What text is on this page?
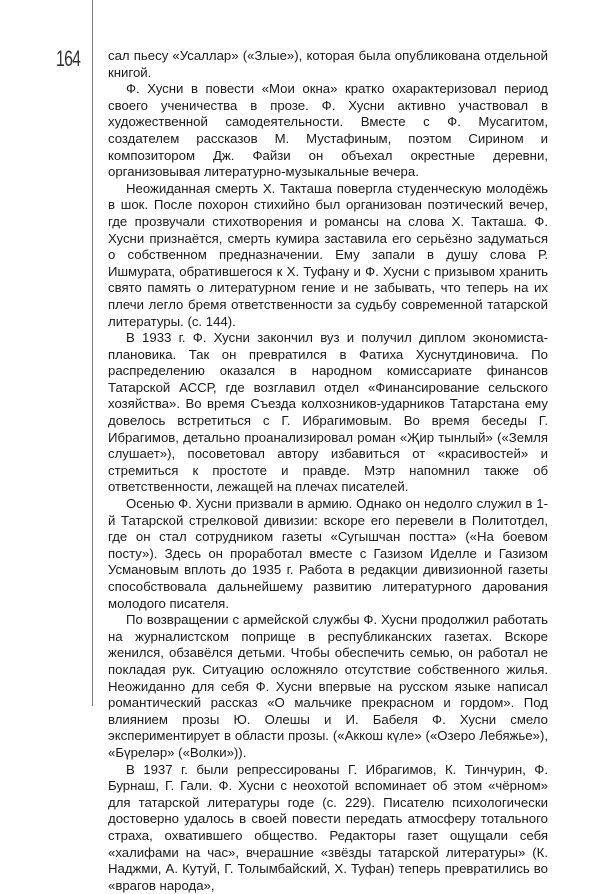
164 сал пьесу «Усаллар» («Злые»), которая была опубликована отдельной книгой.

Ф. Хусни в повести «Мои окна» кратко охарактеризовал период своего ученичества в прозе. Ф. Хусни активно участвовал в художественной самодеятельности. Вместе с Ф. Мусагитом, создателем рассказов М. Мустафиным, поэтом Сирином и композитором Дж. Файзи он объехал окрестные деревни, организовывая литературно-музыкальные вечера.

Неожиданная смерть Х. Такташа повергла студенческую молодёжь в шок. После похорон стихийно был организован поэтический вечер, где прозвучали стихотворения и романсы на слова Х. Такташа. Ф. Хусни признаётся, смерть кумира заставила его серьёзно задуматься о собственном предназначении. Ему запали в душу слова Р. Ишмурата, обратившегося к Х. Туфану и Ф. Хусни с призывом хранить свято память о литературном гение и не забывать, что теперь на их плечи легло бремя ответственности за судьбу современной татарской литературы. (с. 144).

В 1933 г. Ф. Хусни закончил вуз и получил диплом экономиста-плановика. Так он превратился в Фатиха Хуснутдиновича. По распределению оказался в народном комиссариате финансов Татарской АССР, где возглавил отдел «Финансирование сельского хозяйства». Во время Съезда колхозников-ударников Татарстана ему довелось встретиться с Г. Ибрагимовым. Во время беседы Г. Ибрагимов, детально проанализировал роман «Җир тынлый» («Земля слушает»), посоветовал автору избавиться от «красивостей» и стремиться к простоте и правде. Мэтр напомнил также об ответственности, лежащей на плечах писателей.

Осенью Ф. Хусни призвали в армию. Однако он недолго служил в 1-й Татарской стрелковой дивизии: вскоре его перевели в Политотдел, где он стал сотрудником газеты «Сугышчан постта» («На боевом посту»). Здесь он проработал вместе с Газизом Иделле и Газизом Усмановым вплоть до 1935 г. Работа в редакции дивизионной газеты способствовала дальнейшему развитию литературного дарования молодого писателя.

По возвращении с армейской службы Ф. Хусни продолжил работать на журналистском поприще в республиканских газетах. Вскоре женился, обзавёлся детьми. Чтобы обеспечить семью, он работал не покладая рук. Ситуацию осложняло отсутствие собственного жилья. Неожиданно для себя Ф. Хусни впервые на русском языке написал романтический рассказ «О мальчике прекрасном и гордом». Под влиянием прозы Ю. Олешы и И. Бабеля Ф. Хусни смело экспериментирует в области прозы. («Аккош күле» («Озеро Лебяжье»), «Бүреләр» («Волки»)).

В 1937 г. были репрессированы Г. Ибрагимов, К. Тинчурин, Ф. Бурнаш, Г. Гали. Ф. Хусни с неохотой вспоминает об этом «чёрном» для татарской литературы годе (с. 229). Писателю психологически достоверно удалось в своей повести передать атмосферу тотального страха, охватившего общество. Редакторы газет ощущали себя «халифами на час», вчерашние «звёзды татарской литературы» (К. Наджми, А. Кутуй, Г. Толымбайский, Х. Туфан) теперь превратились во «врагов народа»,
